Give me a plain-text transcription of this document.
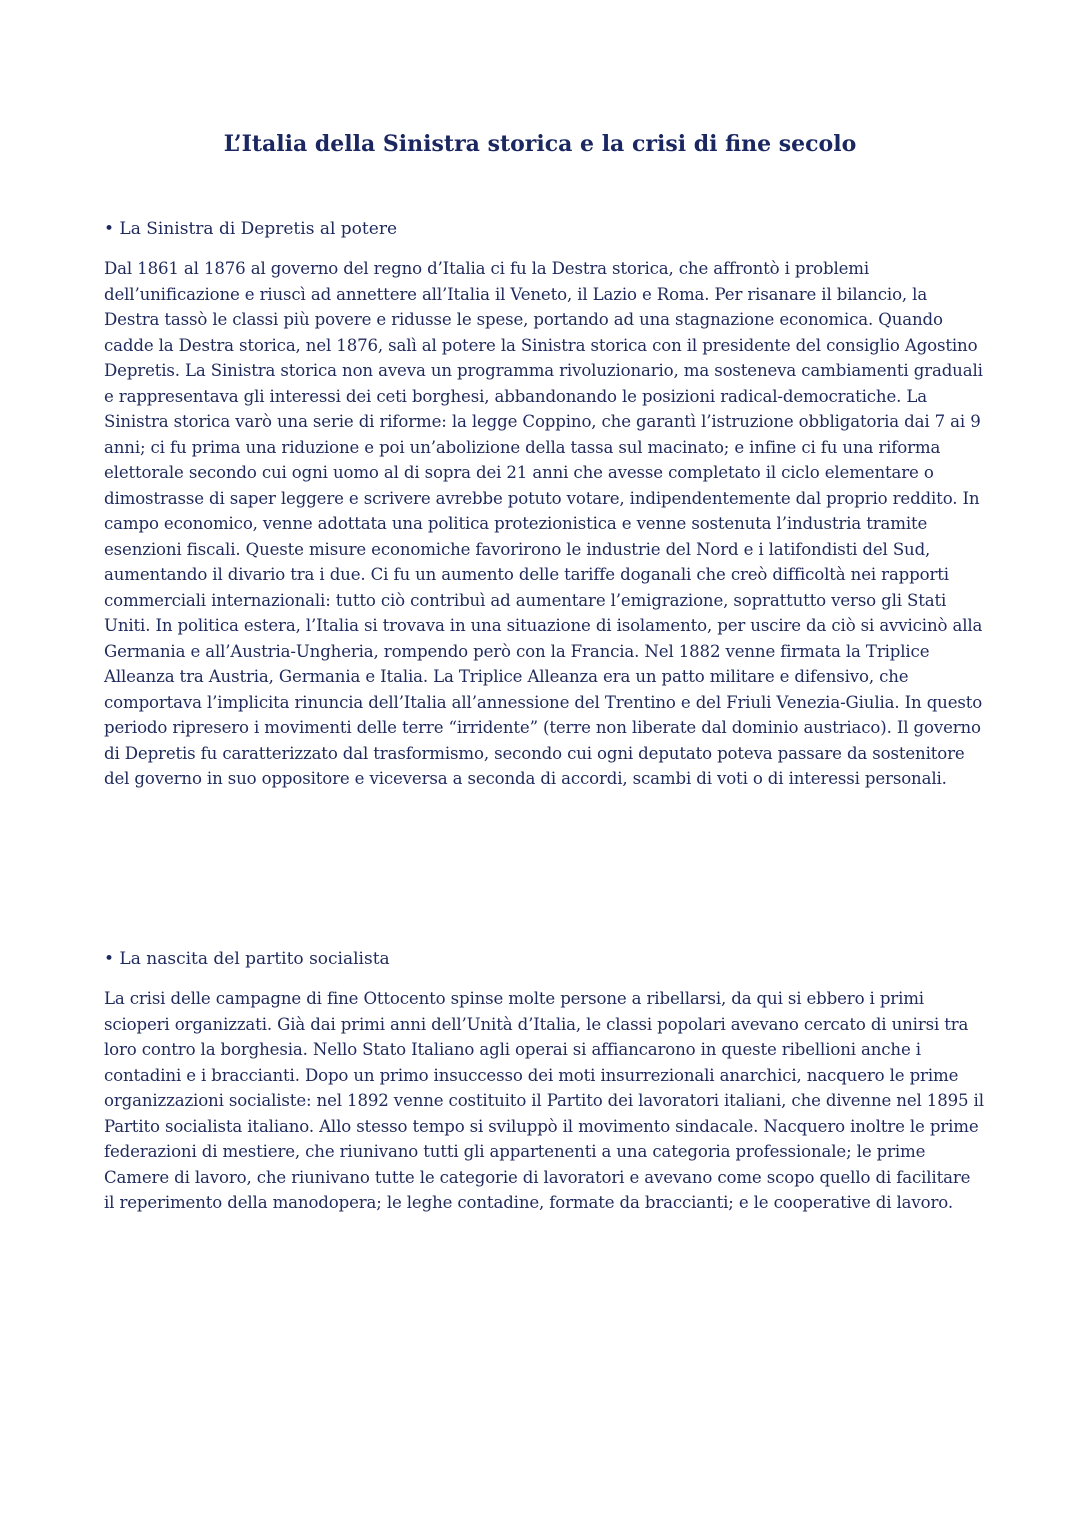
L’Italia della Sinistra storica e la crisi di fine secolo

• La Sinistra di Depretis al potere

Dal 1861 al 1876 al governo del regno d’Italia ci fu la Destra storica, che affrontò i problemi dell’unificazione e riuscì ad annettere all’Italia il Veneto, il Lazio e Roma. Per risanare il bilancio, la Destra tassò le classi più povere e ridusse le spese, portando ad una stagnazione economica. Quando cadde la Destra storica, nel 1876, salì al potere la Sinistra storica con il presidente del consiglio Agostino Depretis. La Sinistra storica non aveva un programma rivoluzionario, ma sosteneva cambiamenti graduali e rappresentava gli interessi dei ceti borghesi, abbandonando le posizioni radical-democratiche. La Sinistra storica varò una serie di riforme: la legge Coppino, che garantì l’istruzione obbligatoria dai 7 ai 9 anni; ci fu prima una riduzione e poi un’abolizione della tassa sul macinato; e infine ci fu una riforma elettorale secondo cui ogni uomo al di sopra dei 21 anni che avesse completato il ciclo elementare o dimostrasse di saper leggere e scrivere avrebbe potuto votare, indipendentemente dal proprio reddito. In campo economico, venne adottata una politica protezionistica e venne sostenuta l’industria tramite esenzioni fiscali. Queste misure economiche favorirono le industrie del Nord e i latifondisti del Sud, aumentando il divario tra i due. Ci fu un aumento delle tariffe doganali che creò difficoltà nei rapporti commerciali internazionali: tutto ciò contribuì ad aumentare l’emigrazione, soprattutto verso gli Stati Uniti. In politica estera, l’Italia si trovava in una situazione di isolamento, per uscire da ciò si avvicinò alla Germania e all’Austria-Ungheria, rompendo però con la Francia. Nel 1882 venne firmata la Triplice Alleanza tra Austria, Germania e Italia. La Triplice Alleanza era un patto militare e difensivo, che comportava l’implicita rinuncia dell’Italia all’annessione del Trentino e del Friuli Venezia-Giulia. In questo periodo ripresero i movimenti delle terre “irridente” (terre non liberate dal dominio austriaco). Il governo di Depretis fu caratterizzato dal trasformismo, secondo cui ogni deputato poteva passare da sostenitore del governo in suo oppositore e viceversa a seconda di accordi, scambi di voti o di interessi personali.

• La nascita del partito socialista

La crisi delle campagne di fine Ottocento spinse molte persone a ribellarsi, da qui si ebbero i primi scioperi organizzati. Già dai primi anni dell’Unità d’Italia, le classi popolari avevano cercato di unirsi tra loro contro la borghesia. Nello Stato Italiano agli operai si affiancarono in queste ribellioni anche i contadini e i braccianti. Dopo un primo insuccesso dei moti insurrezionali anarchici, nacquero le prime organizzazioni socialiste: nel 1892 venne costituito il Partito dei lavoratori italiani, che divenne nel 1895 il Partito socialista italiano. Allo stesso tempo si sviluppò il movimento sindacale. Nacquero inoltre le prime federazioni di mestiere, che riunivano tutti gli appartenenti a una categoria professionale; le prime Camere di lavoro, che riunivano tutte le categorie di lavoratori e avevano come scopo quello di facilitare il reperimento della manodopera; le leghe contadine, formate da braccianti; e le cooperative di lavoro.
